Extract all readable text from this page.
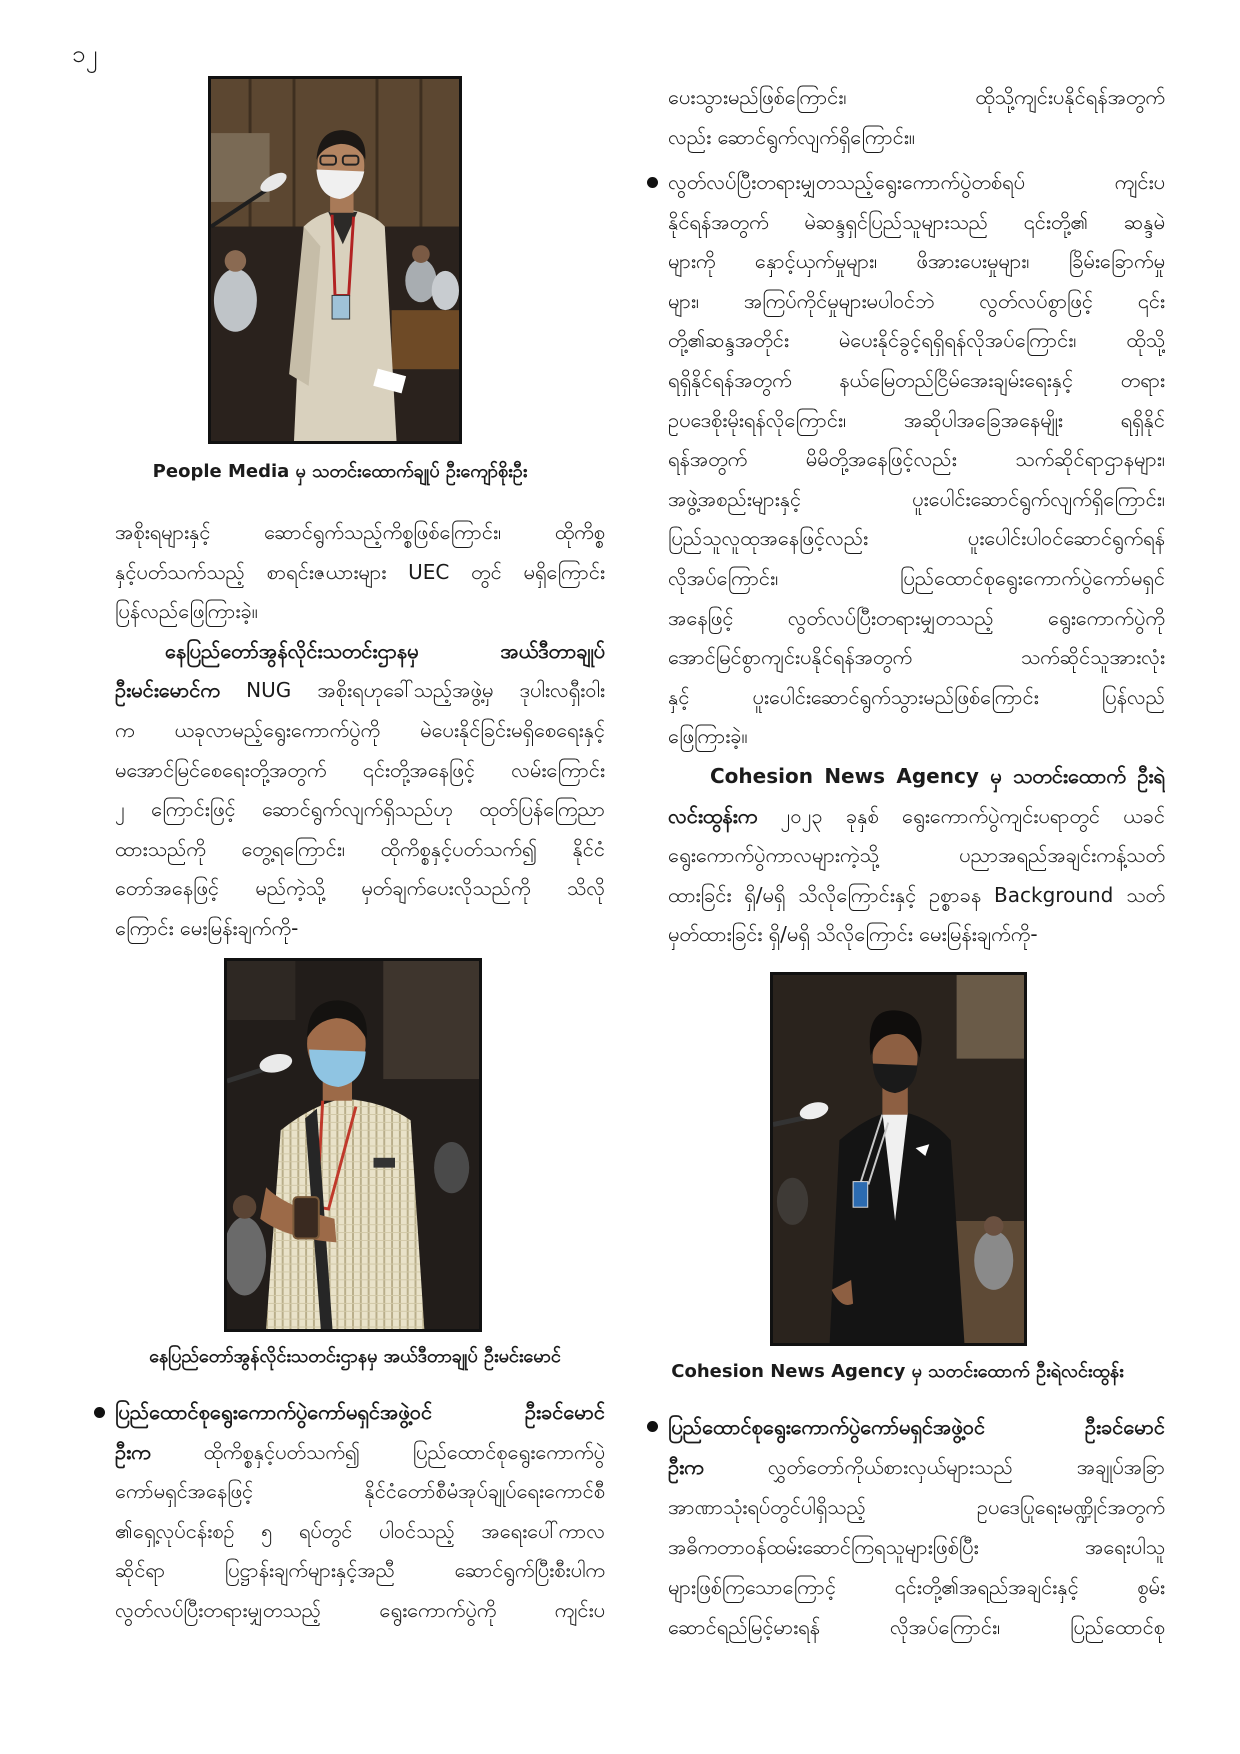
၁၂
People Media မှ သတင်းထောက်ချုပ် ဦးကျော်စိုးဦး
အစိုးရများနှင့် ဆောင်ရွက်သည့်ကိစ္စဖြစ်ကြောင်း၊ ထိုကိစ္စ
နှင့်ပတ်သက်သည့် စာရင်းဇယားများ UEC တွင် မရှိကြောင်း
ပြန်လည်ဖြေကြားခဲ့။
နေပြည်တော်အွန်လိုင်းသတင်းဌာနမှ အယ်ဒီတာချုပ်
ဦးမင်းမောင်က NUG အစိုးရဟုခေါ်သည့်အဖွဲ့မှ ဒုပါးလရှီးဝါး
က ယခုလာမည့်ရွေးကောက်ပွဲကို မဲပေးနိုင်ခြင်းမရှိစေရေးနှင့်
မအောင်မြင်စေရေးတို့အတွက် ၎င်းတို့အနေဖြင့် လမ်းကြောင်း
၂ ကြောင်းဖြင့် ဆောင်ရွက်လျက်ရှိသည်ဟု ထုတ်ပြန်ကြေညာ
ထားသည်ကို တွေ့ရကြောင်း၊ ထိုကိစ္စနှင့်ပတ်သက်၍ နိုင်ငံ
တော်အနေဖြင့် မည်ကဲ့သို့ မှတ်ချက်ပေးလိုသည်ကို သိလို
ကြောင်း မေးမြန်းချက်ကို-
နေပြည်တော်အွန်လိုင်းသတင်းဌာနမှ အယ်ဒီတာချုပ် ဦးမင်းမောင်
ပြည်ထောင်စုရွေးကောက်ပွဲကော်မရှင်အဖွဲ့ဝင် ဦးခင်မောင်
ဦးက	ထိုကိစ္စနှင့်ပတ်သက်၍ ပြည်ထောင်စုရွေးကောက်ပွဲ
ကော်မရှင်အနေဖြင့် နိုင်ငံတော်စီမံအုပ်ချုပ်ရေးကောင်စီ
၏ရှေ့လုပ်ငန်းစဉ် ၅ ရပ်တွင် ပါဝင်သည့် အရေးပေါ်ကာလ
ဆိုင်ရာ ပြဋ္ဌာန်းချက်များနှင့်အညီ ဆောင်ရွက်ပြီးစီးပါက
လွတ်လပ်ပြီးတရားမျှတသည့် ရွေးကောက်ပွဲကို ကျင်းပ
ပေးသွားမည်ဖြစ်ကြောင်း၊ ထိုသို့ကျင်းပနိုင်ရန်အတွက်
လည်း ဆောင်ရွက်လျက်ရှိကြောင်း။
လွတ်လပ်ပြီးတရားမျှတသည့်ရွေးကောက်ပွဲတစ်ရပ် ကျင်းပ
နိုင်ရန်အတွက် မဲဆန္ဒရှင်ပြည်သူများသည် ၎င်းတို့၏ ဆန္ဒမဲ
များကို နှောင့်ယှက်မှုများ၊ ဖိအားပေးမှုများ၊ ခြိမ်းခြောက်မှု
များ၊ အကြပ်ကိုင်မှုများမပါဝင်ဘဲ လွတ်လပ်စွာဖြင့် ၎င်း
တို့၏ဆန္ဒအတိုင်း မဲပေးနိုင်ခွင့်ရရှိရန်လိုအပ်ကြောင်း၊ ထိုသို့
ရရှိနိုင်ရန်အတွက် နယ်မြေတည်ငြိမ်အေးချမ်းရေးနှင့် တရား
ဥပဒေစိုးမိုးရန်လိုကြောင်း၊ အဆိုပါအခြေအနေမျိုး ရရှိနိုင်
ရန်အတွက် မိမိတို့အနေဖြင့်လည်း သက်ဆိုင်ရာဌာနများ၊
အဖွဲ့အစည်းများနှင့် ပူးပေါင်းဆောင်ရွက်လျက်ရှိကြောင်း၊
ပြည်သူလူထုအနေဖြင့်လည်း ပူးပေါင်းပါဝင်ဆောင်ရွက်ရန်
လိုအပ်ကြောင်း၊ ပြည်ထောင်စုရွေးကောက်ပွဲကော်မရှင်
အနေဖြင့် လွတ်လပ်ပြီးတရားမျှတသည့် ရွေးကောက်ပွဲကို
အောင်မြင်စွာကျင်းပနိုင်ရန်အတွက် သက်ဆိုင်သူအားလုံး
နှင့် ပူးပေါင်းဆောင်ရွက်သွားမည်ဖြစ်ကြောင်း ပြန်လည်
ဖြေကြားခဲ့။
Cohesion News Agency မှ သတင်းထောက် ဦးရဲ
လင်းထွန်းက ၂၀၂၃ ခုနှစ် ရွေးကောက်ပွဲကျင်းပရာတွင် ယခင်
ရွေးကောက်ပွဲကာလများကဲ့သို့ ပညာအရည်အချင်းကန့်သတ်
ထားခြင်း ရှိ/မရှိ သိလိုကြောင်းနှင့် ဥစ္စာခန Background သတ်
မှတ်ထားခြင်း ရှိ/မရှိ သိလိုကြောင်း မေးမြန်းချက်ကို-
Cohesion News Agency မှ သတင်းထောက် ဦးရဲလင်းထွန်း
ပြည်ထောင်စုရွေးကောက်ပွဲကော်မရှင်အဖွဲ့ဝင် ဦးခင်မောင်
ဦးက	လွှတ်တော်ကိုယ်စားလှယ်များသည် အချုပ်အခြာ
အာဏာသုံးရပ်တွင်ပါရှိသည့် ဥပဒေပြုရေးမဏ္ဍိုင်အတွက်
အဓိကတာဝန်ထမ်းဆောင်ကြရသူများဖြစ်ပြီး အရေးပါသူ
များဖြစ်ကြသောကြောင့် ၎င်းတို့၏အရည်အချင်းနှင့် စွမ်း
ဆောင်ရည်မြင့်မားရန် လိုအပ်ကြောင်း၊ ပြည်ထောင်စု
